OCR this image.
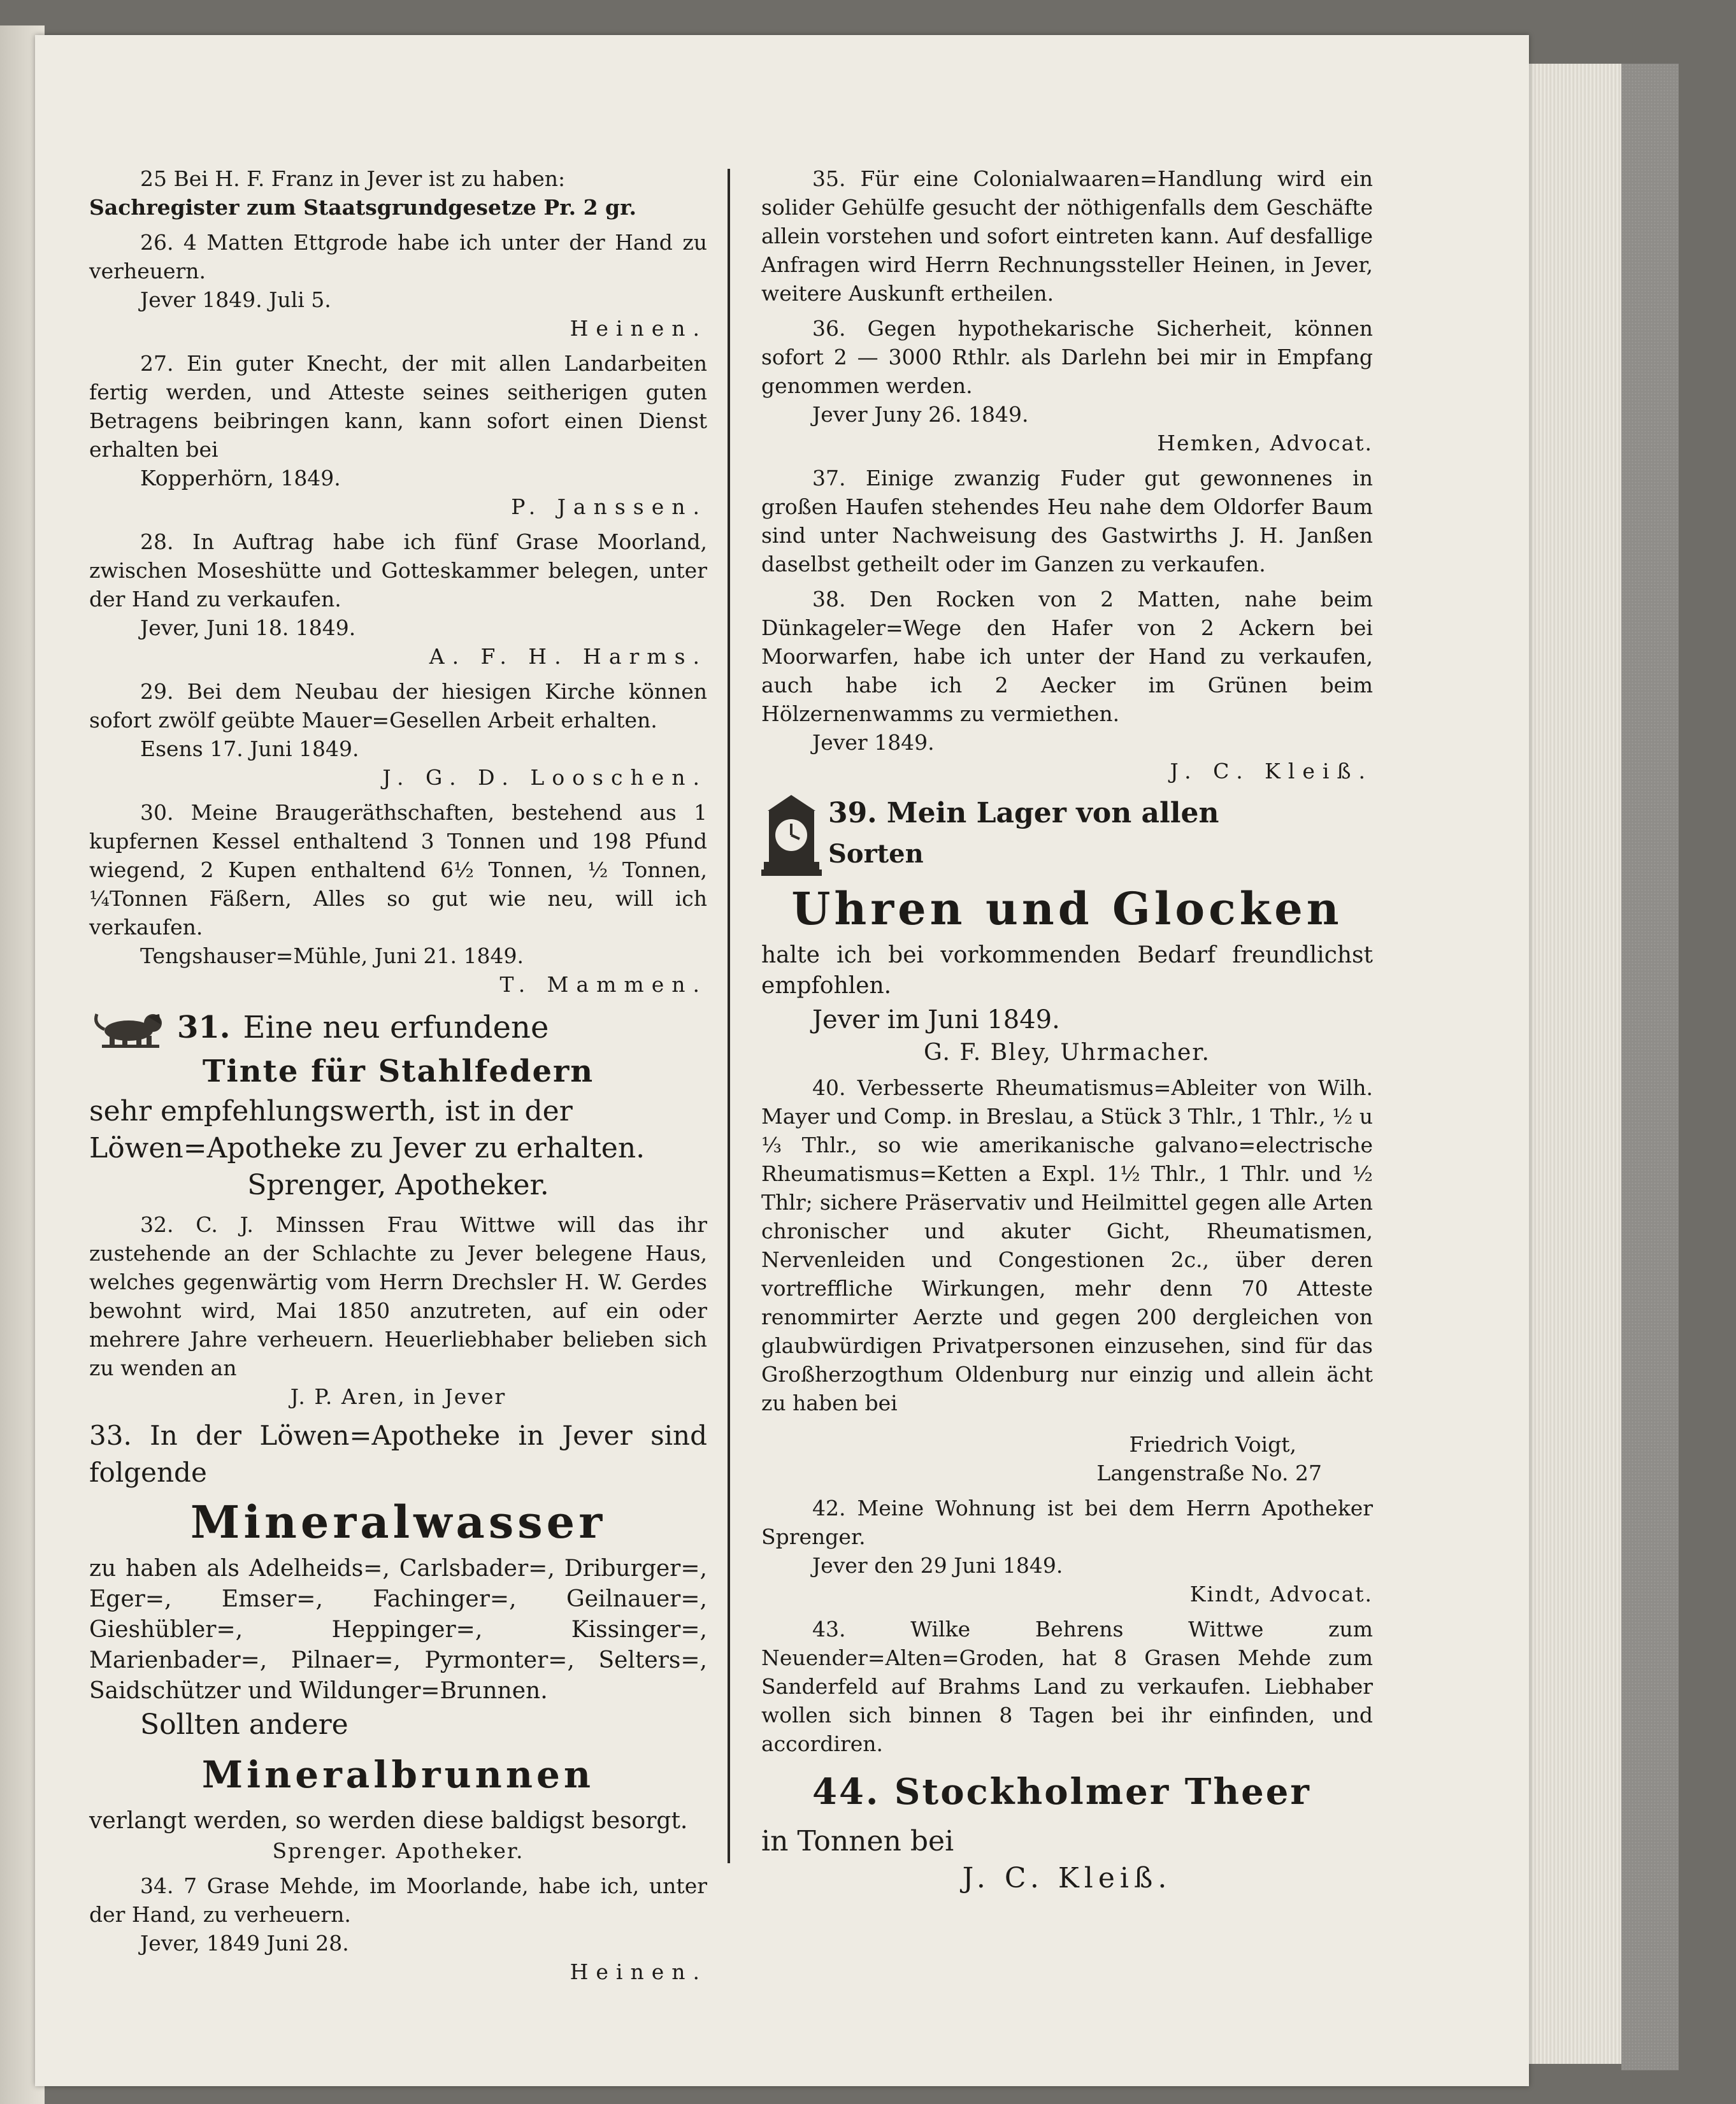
25 Bei H. F. Franz in Jever ist zu haben:

Sachregister zum Staatsgrundgesetze Pr. 2 gr.

26. 4 Matten Ettgrode habe ich unter der Hand zu verheuern.

Jever 1849. Juli 5.

Heinen.

27. Ein guter Knecht, der mit allen Landarbeiten fertig werden, und Atteste seines seitherigen guten Betragens beibringen kann, kann sofort einen Dienst erhalten bei

Kopperhörn, 1849.

P. Janssen.

28. In Auftrag habe ich fünf Grase Moorland, zwischen Moseshütte und Gotteskammer belegen, unter der Hand zu verkaufen.

Jever, Juni 18. 1849.

A. F. H. Harms.

29. Bei dem Neubau der hiesigen Kirche können sofort zwölf geübte Mauer=Gesellen Arbeit erhalten.

Esens 17. Juni 1849.

J. G. D. Looschen.

30. Meine Braugeräthschaften, bestehend aus 1 kupfernen Kessel enthaltend 3 Tonnen und 198 Pfund wiegend, 2 Kupen enthaltend 6½ Tonnen, ½ Tonnen, ¼Tonnen Fäßern, Alles so gut wie neu, will ich verkaufen.

Tengshauser=Mühle, Juni 21. 1849.

T. Mammen.

31. Eine neu erfundene

Tinte für Stahlfedern

sehr empfehlungswerth, ist in der

Löwen=Apotheke zu Jever zu erhalten.

Sprenger, Apotheker.

32. C. J. Minssen Frau Wittwe will das ihr zustehende an der Schlachte zu Jever belegene Haus, welches gegenwärtig vom Herrn Drechsler H. W. Gerdes bewohnt wird, Mai 1850 anzutreten, auf ein oder mehrere Jahre verheuern. Heuerliebhaber belieben sich zu wenden an

J. P. Aren, in Jever

33. In der Löwen=Apotheke in Jever sind folgende

Mineralwasser

zu haben als Adelheids=, Carlsbader=, Driburger=, Eger=, Emser=, Fachinger=, Geilnauer=, Gieshübler=, Heppinger=, Kissinger=, Marienbader=, Pilnaer=, Pyrmonter=, Selters=, Saidschützer und Wildunger=Brunnen.

Sollten andere

Mineralbrunnen

verlangt werden, so werden diese baldigst besorgt.

Sprenger. Apotheker.

34. 7 Grase Mehde, im Moorlande, habe ich, unter der Hand, zu verheuern.

Jever, 1849 Juni 28.

Heinen.

35. Für eine Colonialwaaren=Handlung wird ein solider Gehülfe gesucht der nöthigenfalls dem Geschäfte allein vorstehen und sofort eintreten kann. Auf desfallige Anfragen wird Herrn Rechnungssteller Heinen, in Jever, weitere Auskunft ertheilen.

36. Gegen hypothekarische Sicherheit, können sofort 2 — 3000 Rthlr. als Darlehn bei mir in Empfang genommen werden.

Jever Juny 26. 1849.

Hemken, Advocat.

37. Einige zwanzig Fuder gut gewonnenes in großen Haufen stehendes Heu nahe dem Oldorfer Baum sind unter Nachweisung des Gastwirths J. H. Janßen daselbst getheilt oder im Ganzen zu verkaufen.

38. Den Rocken von 2 Matten, nahe beim Dünkageler=Wege den Hafer von 2 Ackern bei Moorwarfen, habe ich unter der Hand zu verkaufen, auch habe ich 2 Aecker im Grünen beim Hölzernenwamms zu vermiethen.

Jever 1849.

J. C. Kleiß.

39. Mein Lager von allen

Sorten

Uhren und Glocken

halte ich bei vorkommenden Bedarf freundlichst empfohlen.

Jever im Juni 1849.

G. F. Bley, Uhrmacher.

40. Verbesserte Rheumatismus=Ableiter von Wilh. Mayer und Comp. in Breslau, a Stück 3 Thlr., 1 Thlr., ½ u ⅓ Thlr., so wie amerikanische galvano=electrische Rheumatismus=Ketten a Expl. 1½ Thlr., 1 Thlr. und ½ Thlr; sichere Präservativ und Heilmittel gegen alle Arten chronischer und akuter Gicht, Rheumatismen, Nervenleiden und Congestionen 2c., über deren vortreffliche Wirkungen, mehr denn 70 Atteste renommirter Aerzte und gegen 200 dergleichen von glaubwürdigen Privatpersonen einzusehen, sind für das Großherzogthum Oldenburg nur einzig und allein ächt zu haben bei

Friedrich Voigt,

Langenstraße No. 27

42. Meine Wohnung ist bei dem Herrn Apotheker Sprenger.

Jever den 29 Juni 1849.

Kindt, Advocat.

43. Wilke Behrens Wittwe zum Neuender=Alten=Groden, hat 8 Grasen Mehde zum Sanderfeld auf Brahms Land zu verkaufen. Liebhaber wollen sich binnen 8 Tagen bei ihr einfinden, und accordiren.

44. Stockholmer Theer

in Tonnen bei

J. C. Kleiß.
